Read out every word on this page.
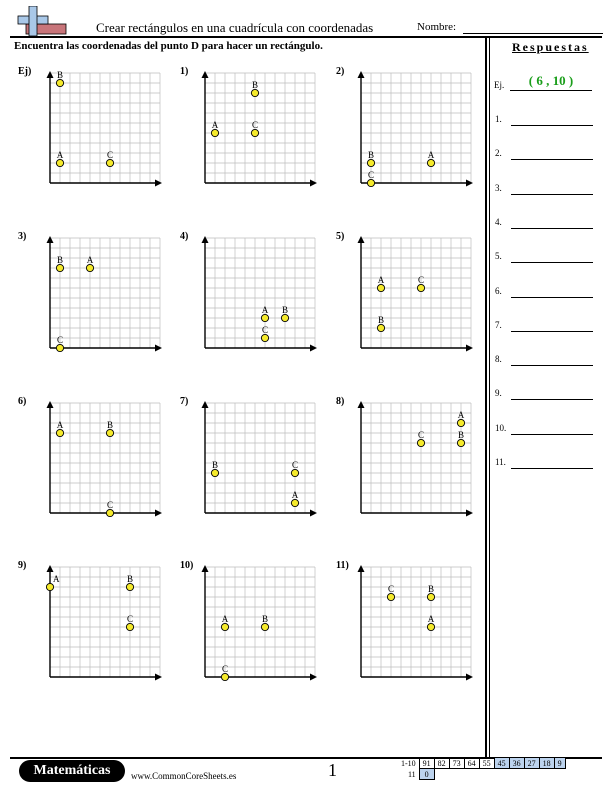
Crear rectángulos en una cuadrícula con coordenadas	Nombre:
Encuentra las coordenadas del punto D para hacer un rectángulo.	Respuestas
Ej.	( 6 , 10 )
1.
2.
3.
4.
5.
6.
7.
8.
9.
10.
11.
Ej)
A
B
C
1)
A
B
C
2)
A
B
C
3)
A
B
C
4)
A B
C
5)
A
B
C
6)
A	B
C
7)
A
B	C
8)
A
B
C
9)
A	B
C
10)
A	B
C
11)
A
B
C
Matemáticas	www.CommonCoreSheets.es	1	1-10	91	82	73	64	55	45	36	27	18	9
11	0									
